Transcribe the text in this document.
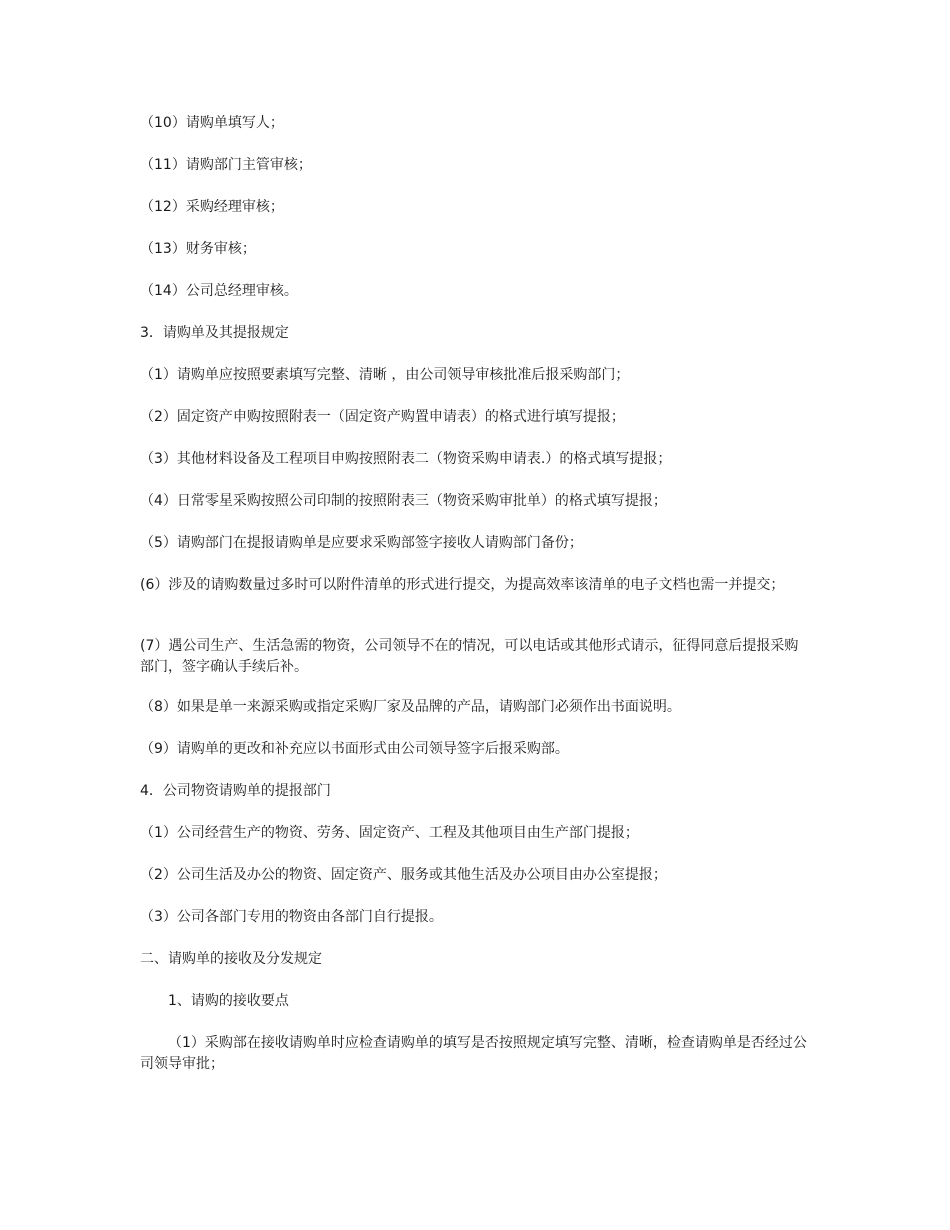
（10）请购单填写人；

（11）请购部门主管审核；

（12）采购经理审核；

（13）财务审核；

（14）公司总经理审核。

3．请购单及其提报规定

（1）请购单应按照要素填写完整、清晰 ，由公司领导审核批准后报采购部门；

（2）固定资产申购按照附表一（固定资产购置申请表）的格式进行填写提报；

（3）其他材料设备及工程项目申购按照附表二（物资采购申请表.）的格式填写提报；

（4）日常零星采购按照公司印制的按照附表三（物资采购审批单）的格式填写提报；

（5）请购部门在提报请购单是应要求采购部签字接收人请购部门备份；

(6）涉及的请购数量过多时可以附件清单的形式进行提交，为提高效率该清单的电子文档也需一并提交；

(7）遇公司生产、生活急需的物资，公司领导不在的情况，可以电话或其他形式请示，征得同意后提报采购部门，签字确认手续后补。

（8）如果是单一来源采购或指定采购厂家及品牌的产品，请购部门必须作出书面说明。

（9）请购单的更改和补充应以书面形式由公司领导签字后报采购部。

4．公司物资请购单的提报部门

（1）公司经营生产的物资、劳务、固定资产、工程及其他项目由生产部门提报；

（2）公司生活及办公的物资、固定资产、服务或其他生活及办公项目由办公室提报；

（3）公司各部门专用的物资由各部门自行提报。

二、请购单的接收及分发规定

1、请购的接收要点

（1）采购部在接收请购单时应检查请购单的填写是否按照规定填写完整、清晰，检查请购单是否经过公司领导审批；
